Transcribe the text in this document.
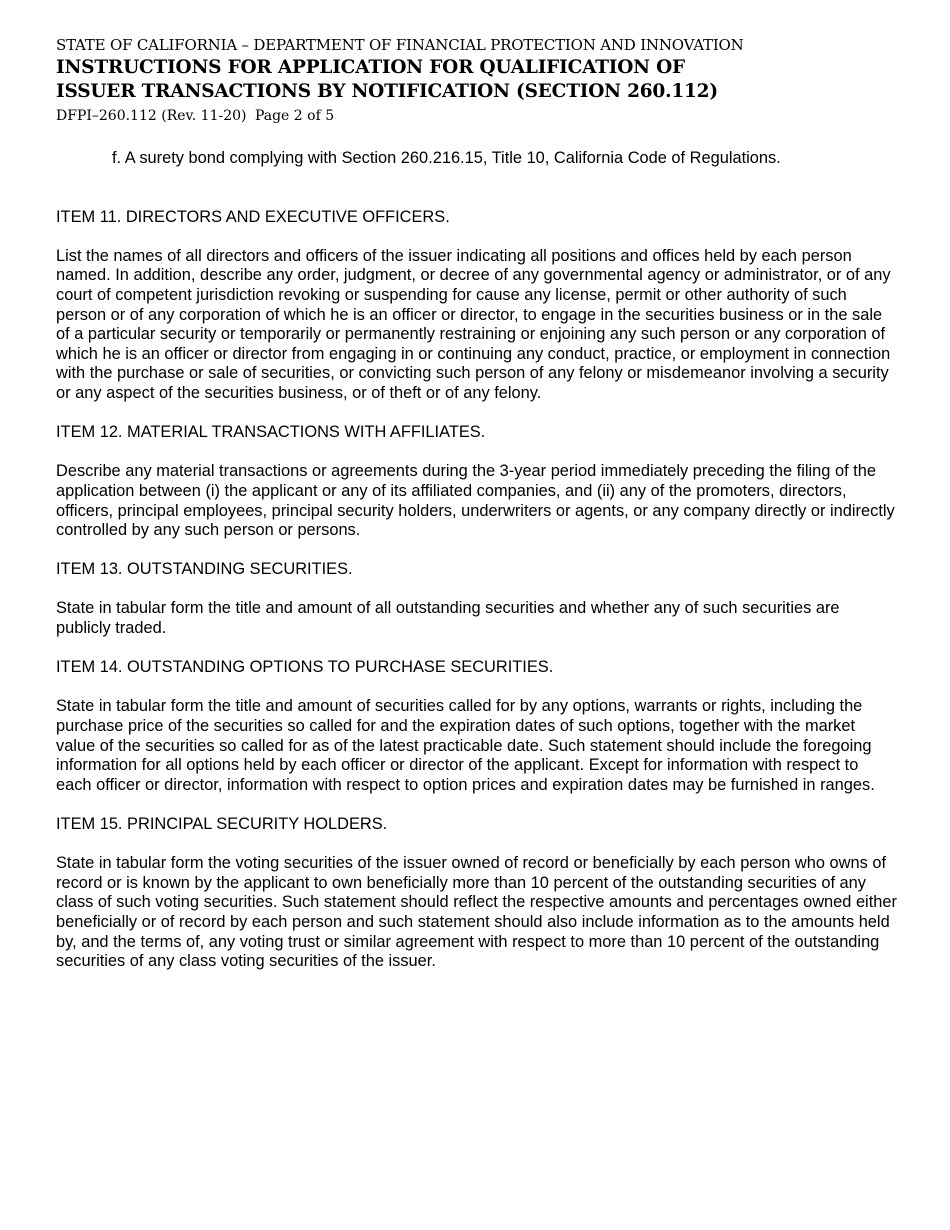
STATE OF CALIFORNIA – DEPARTMENT OF FINANCIAL PROTECTION AND INNOVATION
INSTRUCTIONS FOR APPLICATION FOR QUALIFICATION OF
ISSUER TRANSACTIONS BY NOTIFICATION (SECTION 260.112)
DFPI–260.112 (Rev. 11-20) Page 2 of 5

f. A surety bond complying with Section 260.216.15, Title 10, California Code of Regulations.

ITEM 11. DIRECTORS AND EXECUTIVE OFFICERS.

List the names of all directors and officers of the issuer indicating all positions and offices held by each person named. In addition, describe any order, judgment, or decree of any governmental agency or administrator, or of any court of competent jurisdiction revoking or suspending for cause any license, permit or other authority of such person or of any corporation of which he is an officer or director, to engage in the securities business or in the sale of a particular security or temporarily or permanently restraining or enjoining any such person or any corporation of which he is an officer or director from engaging in or continuing any conduct, practice, or employment in connection with the purchase or sale of securities, or convicting such person of any felony or misdemeanor involving a security or any aspect of the securities business, or of theft or of any felony.

ITEM 12. MATERIAL TRANSACTIONS WITH AFFILIATES.

Describe any material transactions or agreements during the 3-year period immediately preceding the filing of the application between (i) the applicant or any of its affiliated companies, and (ii) any of the promoters, directors, officers, principal employees, principal security holders, underwriters or agents, or any company directly or indirectly controlled by any such person or persons.

ITEM 13. OUTSTANDING SECURITIES.

State in tabular form the title and amount of all outstanding securities and whether any of such securities are publicly traded.

ITEM 14. OUTSTANDING OPTIONS TO PURCHASE SECURITIES.

State in tabular form the title and amount of securities called for by any options, warrants or rights, including the purchase price of the securities so called for and the expiration dates of such options, together with the market value of the securities so called for as of the latest practicable date. Such statement should include the foregoing information for all options held by each officer or director of the applicant. Except for information with respect to each officer or director, information with respect to option prices and expiration dates may be furnished in ranges.

ITEM 15. PRINCIPAL SECURITY HOLDERS.

State in tabular form the voting securities of the issuer owned of record or beneficially by each person who owns of record or is known by the applicant to own beneficially more than 10 percent of the outstanding securities of any class of such voting securities. Such statement should reflect the respective amounts and percentages owned either beneficially or of record by each person and such statement should also include information as to the amounts held by, and the terms of, any voting trust or similar agreement with respect to more than 10 percent of the outstanding securities of any class voting securities of the issuer.
